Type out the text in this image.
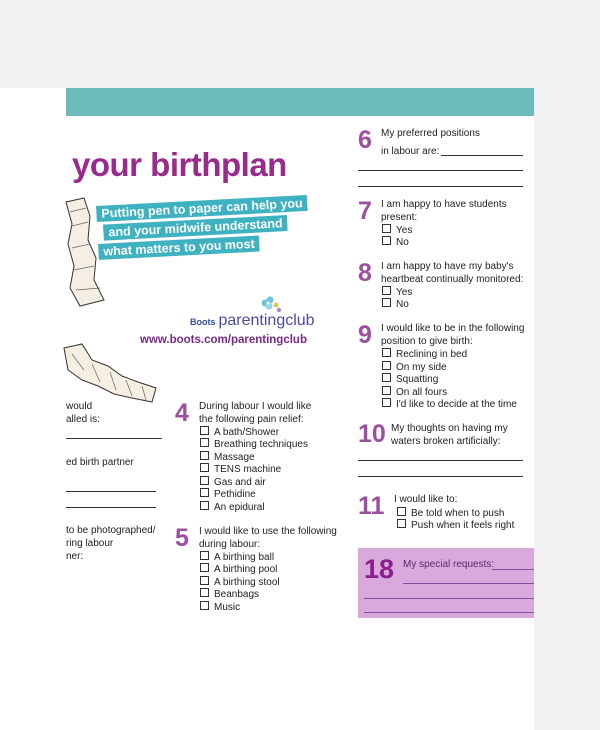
your birthplan
Putting pen to paper can help you
and your midwife understand
what matters to you most
Boots parentingclub
www.boots.com/parentingclub
would
alled is:
ed birth partner
to be photographed/
ring labour
ner:
4 During labour I would like
the following pain relief:
A bath/Shower
Breathing techniques
Massage
TENS machine
Gas and air
Pethidine
An epidural
5 I would like to use the following
during labour:
A birthing ball
A birthing pool
A birthing stool
Beanbags
Music
6 My preferred positions
in labour are:
7 I am happy to have students
present:
Yes
No
8 I am happy to have my baby's
heartbeat continually monitored:
Yes
No
9 I would like to be in the following
position to give birth:
Reclining in bed
On my side
Squatting
On all fours
I'd like to decide at the time
10 My thoughts on having my
waters broken artificially:
11 I would like to:
Be told when to push
Push when it feels right
18 My special requests:
